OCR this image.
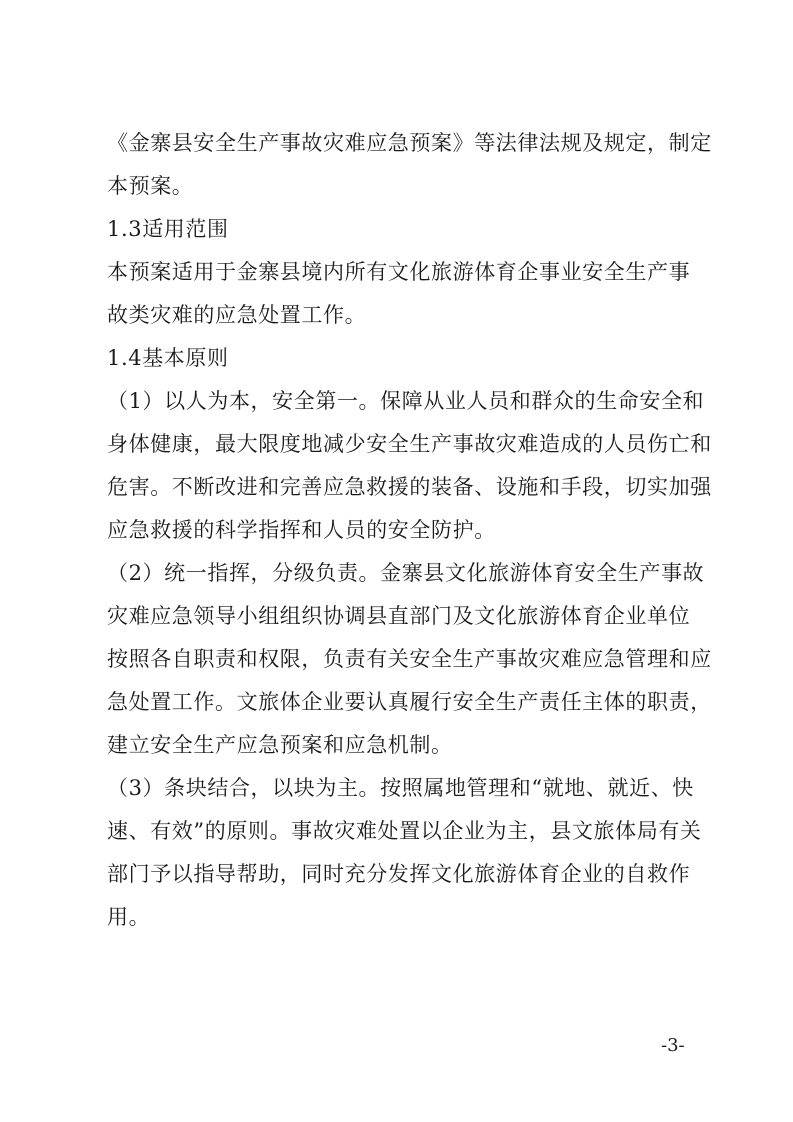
《金寨县安全生产事故灾难应急预案》等法律法规及规定，制定
本预案。
1.3适用范围
本预案适用于金寨县境内所有文化旅游体育企事业安全生产事
故类灾难的应急处置工作。
1.4基本原则
（1）以人为本，安全第一。保障从业人员和群众的生命安全和
身体健康，最大限度地减少安全生产事故灾难造成的人员伤亡和
危害。不断改进和完善应急救援的装备、设施和手段，切实加强
应急救援的科学指挥和人员的安全防护。
（2）统一指挥，分级负责。金寨县文化旅游体育安全生产事故
灾难应急领导小组组织协调县直部门及文化旅游体育企业单位
按照各自职责和权限，负责有关安全生产事故灾难应急管理和应
急处置工作。文旅体企业要认真履行安全生产责任主体的职责，
建立安全生产应急预案和应急机制。
（3）条块结合，以块为主。按照属地管理和“就地、就近、快
速、有效”的原则。事故灾难处置以企业为主，县文旅体局有关
部门予以指导帮助，同时充分发挥文化旅游体育企业的自救作
用。
-3-
